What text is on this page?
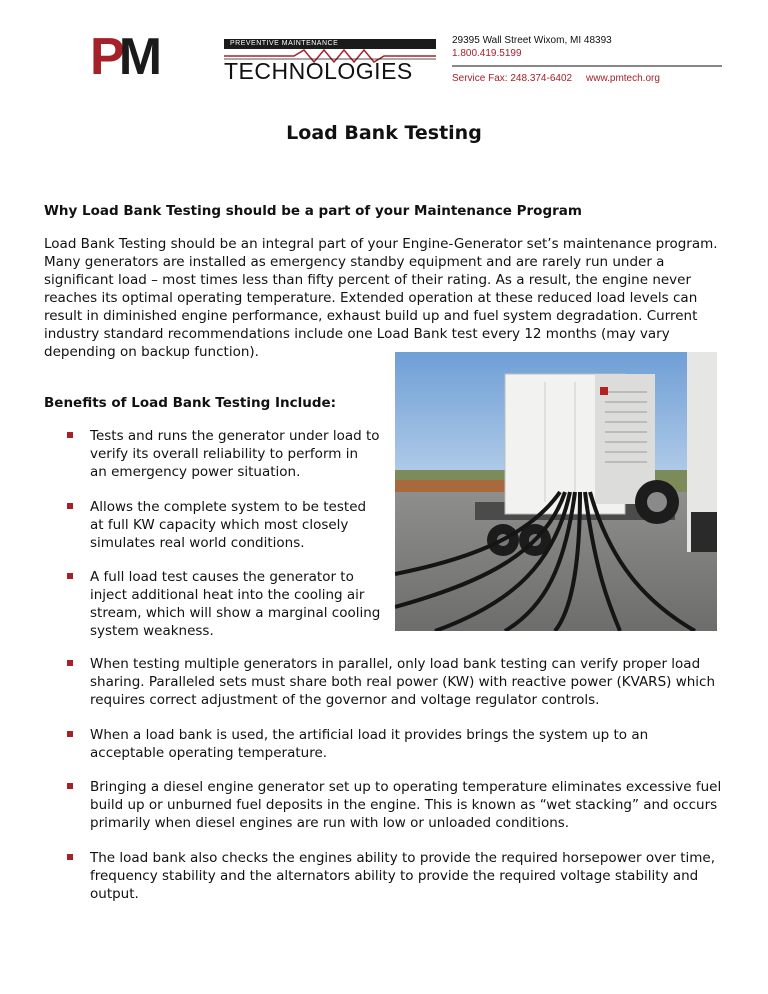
PM	PREVENTIVE MAINTENANCE
TECHNOLOGIES
29395 Wall Street Wixom, MI 48393
1.800.419.5199
Service Fax: 248.374-6402 www.pmtech.org
Load Bank Testing
Why Load Bank Testing should be a part of your Maintenance Program
Load Bank Testing should be an integral part of your Engine-Generator set’s maintenance program.
Many generators are installed as emergency standby equipment and are rarely run under a
significant load – most times less than fifty percent of their rating. As a result, the engine never
reaches its optimal operating temperature. Extended operation at these reduced load levels can
result in diminished engine performance, exhaust build up and fuel system degradation. Current
industry standard recommendations include one Load Bank test every 12 months (may vary
depending on backup function).
Benefits of Load Bank Testing Include:
Tests and runs the generator under load to
verify its overall reliability to perform in
an emergency power situation.
Allows the complete system to be tested
at full KW capacity which most closely
simulates real world conditions.
A full load test causes the generator to
inject additional heat into the cooling air
stream, which will show a marginal cooling
system weakness.
When testing multiple generators in parallel, only load bank testing can verify proper load
sharing. Paralleled sets must share both real power (KW) with reactive power (KVARS) which
requires correct adjustment of the governor and voltage regulator controls.
When a load bank is used, the artificial load it provides brings the system up to an
acceptable operating temperature.
Bringing a diesel engine generator set up to operating temperature eliminates excessive fuel
build up or unburned fuel deposits in the engine. This is known as “wet stacking” and occurs
primarily when diesel engines are run with low or unloaded conditions.
The load bank also checks the engines ability to provide the required horsepower over time,
frequency stability and the alternators ability to provide the required voltage stability and
output.
